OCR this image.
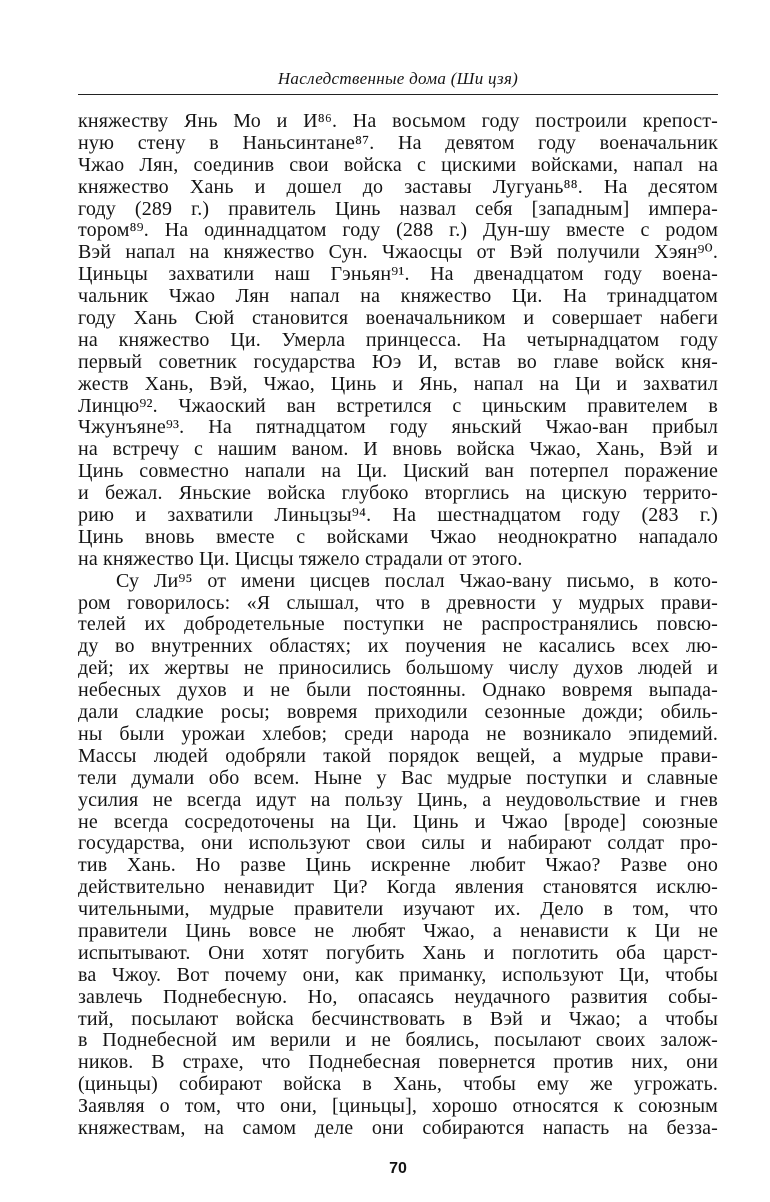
Наследственные дома (Ши цзя)
княжеству Янь Мо и И⁸⁶. На восьмом году построили крепост-
ную стену в Наньсинтане⁸⁷. На девятом году военачальник
Чжао Лян, соединив свои войска с цискими войсками, напал на
княжество Хань и дошел до заставы Лугуань⁸⁸. На десятом
году (289 г.) правитель Цинь назвал себя [западным] импера-
тором⁸⁹. На одиннадцатом году (288 г.) Дун-шу вместе с родом
Вэй напал на княжество Сун. Чжаосцы от Вэй получили Хэян⁹⁰.
Циньцы захватили наш Гэньян⁹¹. На двенадцатом году воена-
чальник Чжао Лян напал на княжество Ци. На тринадцатом
году Хань Сюй становится военачальником и совершает набеги
на княжество Ци. Умерла принцесса. На четырнадцатом году
первый советник государства Юэ И, встав во главе войск кня-
жеств Хань, Вэй, Чжао, Цинь и Янь, напал на Ци и захватил
Линцю⁹². Чжаоский ван встретился с циньским правителем в
Чжунъяне⁹³. На пятнадцатом году яньский Чжао-ван прибыл
на встречу с нашим ваном. И вновь войска Чжао, Хань, Вэй и
Цинь совместно напали на Ци. Циский ван потерпел поражение
и бежал. Яньские войска глубоко вторглись на цискую террито-
рию и захватили Линьцзы⁹⁴. На шестнадцатом году (283 г.)
Цинь вновь вместе с войсками Чжао неоднократно нападало
на княжество Ци. Цисцы тяжело страдали от этого.
Су Ли⁹⁵ от имени цисцев послал Чжао-вану письмо, в кото-
ром говорилось: «Я слышал, что в древности у мудрых прави-
телей их добродетельные поступки не распространялись повсю-
ду во внутренних областях; их поучения не касались всех лю-
дей; их жертвы не приносились большому числу духов людей и
небесных духов и не были постоянны. Однако вовремя выпада-
дали сладкие росы; вовремя приходили сезонные дожди; обиль-
ны были урожаи хлебов; среди народа не возникало эпидемий.
Массы людей одобряли такой порядок вещей, а мудрые прави-
тели думали обо всем. Ныне у Вас мудрые поступки и славные
усилия не всегда идут на пользу Цинь, а неудовольствие и гнев
не всегда сосредоточены на Ци. Цинь и Чжао [вроде] союзные
государства, они используют свои силы и набирают солдат про-
тив Хань. Но разве Цинь искренне любит Чжао? Разве оно
действительно ненавидит Ци? Когда явления становятся исклю-
чительными, мудрые правители изучают их. Дело в том, что
правители Цинь вовсе не любят Чжао, а ненависти к Ци не
испытывают. Они хотят погубить Хань и поглотить оба царст-
ва Чжоу. Вот почему они, как приманку, используют Ци, чтобы
завлечь Поднебесную. Но, опасаясь неудачного развития собы-
тий, посылают войска бесчинствовать в Вэй и Чжао; а чтобы
в Поднебесной им верили и не боялись, посылают своих залож-
ников. В страхе, что Поднебесная повернется против них, они
(циньцы) собирают войска в Хань, чтобы ему же угрожать.
Заявляя о том, что они, [циньцы], хорошо относятся к союзным
княжествам, на самом деле они собираются напасть на безза-
70
